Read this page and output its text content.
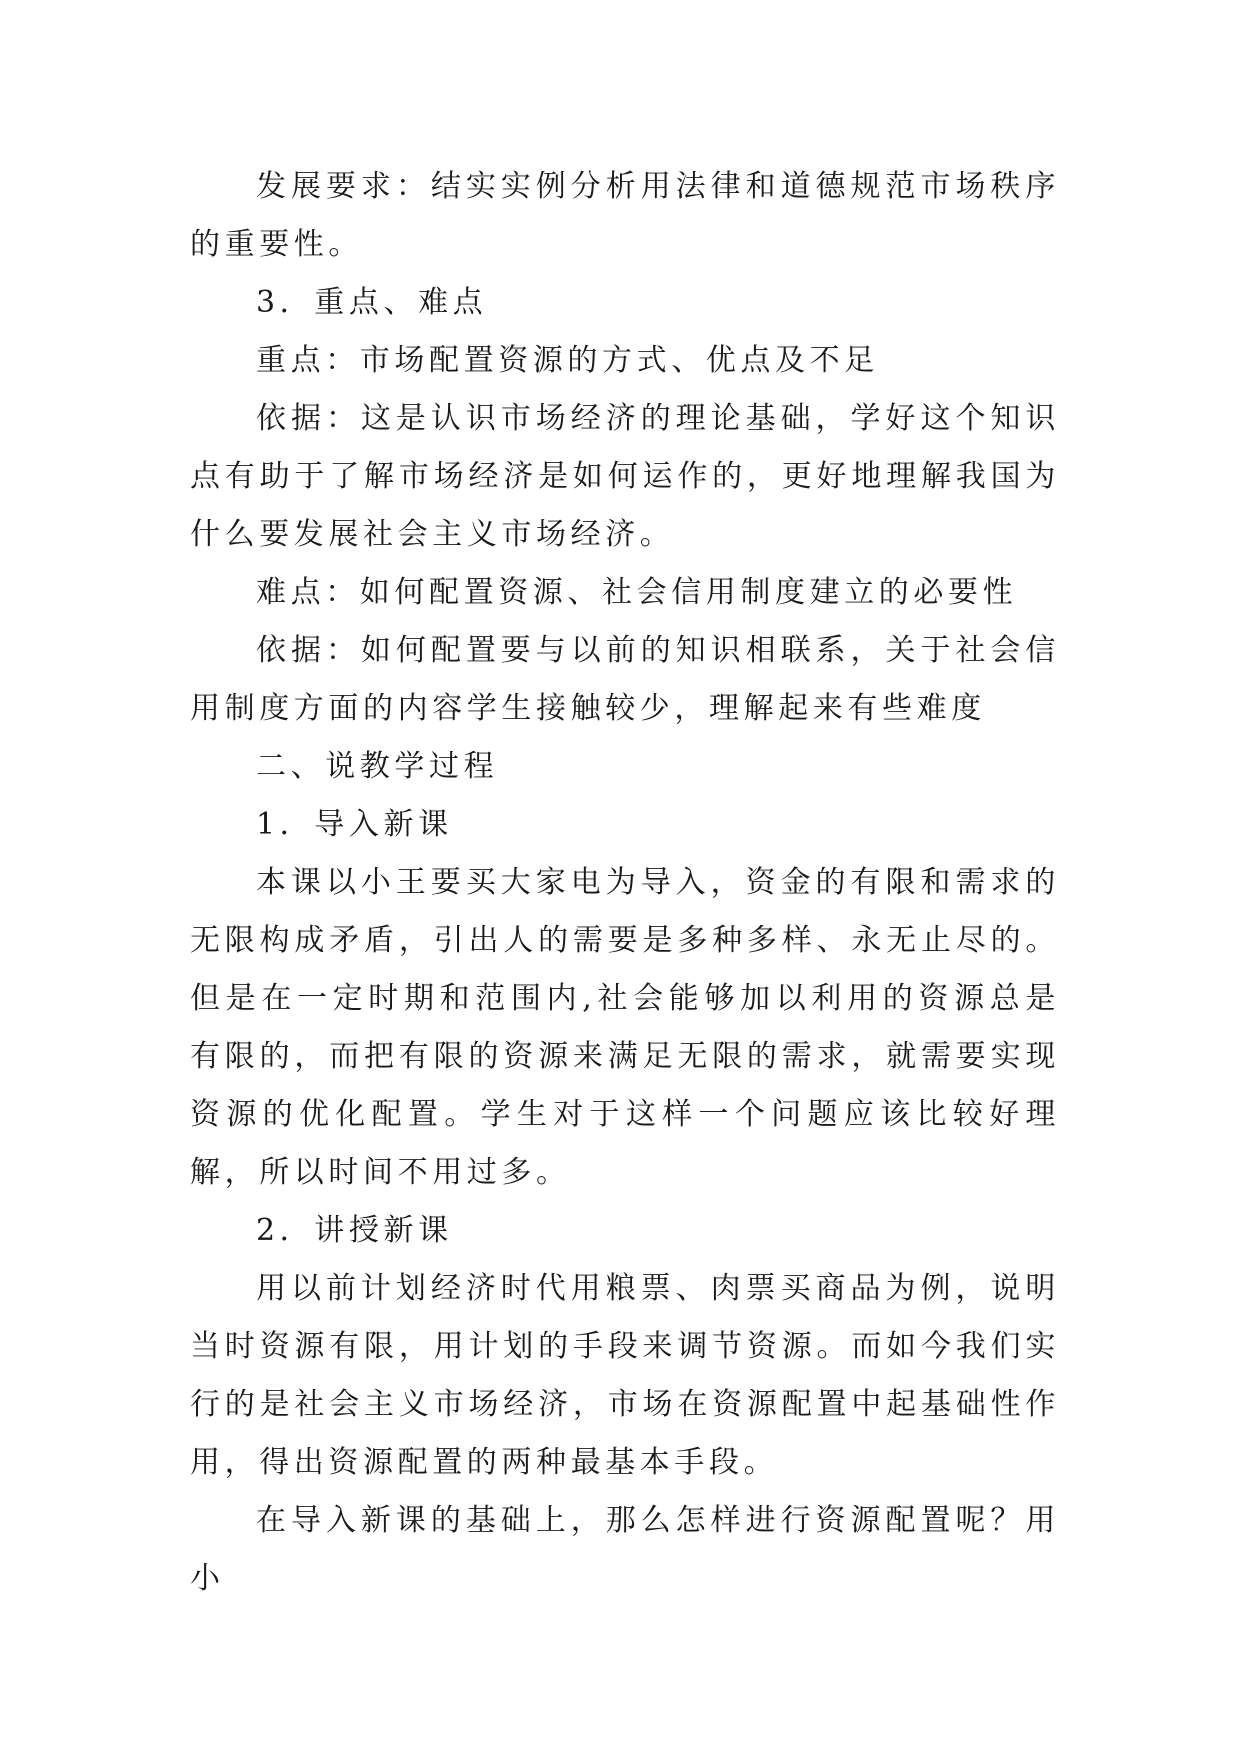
发展要求：结实实例分析用法律和道德规范市场秩序的重要性。

3．重点、难点

重点：市场配置资源的方式、优点及不足

依据：这是认识市场经济的理论基础，学好这个知识点有助于了解市场经济是如何运作的，更好地理解我国为什么要发展社会主义市场经济。

难点：如何配置资源、社会信用制度建立的必要性

依据：如何配置要与以前的知识相联系，关于社会信用制度方面的内容学生接触较少，理解起来有些难度

二、说教学过程

1．导入新课

本课以小王要买大家电为导入，资金的有限和需求的无限构成矛盾，引出人的需要是多种多样、永无止尽的。但是在一定时期和范围内,社会能够加以利用的资源总是有限的，而把有限的资源来满足无限的需求，就需要实现资源的优化配置。学生对于这样一个问题应该比较好理解，所以时间不用过多。

2．讲授新课

用以前计划经济时代用粮票、肉票买商品为例，说明当时资源有限，用计划的手段来调节资源。而如今我们实行的是社会主义市场经济，市场在资源配置中起基础性作用，得出资源配置的两种最基本手段。

在导入新课的基础上，那么怎样进行资源配置呢？用小
